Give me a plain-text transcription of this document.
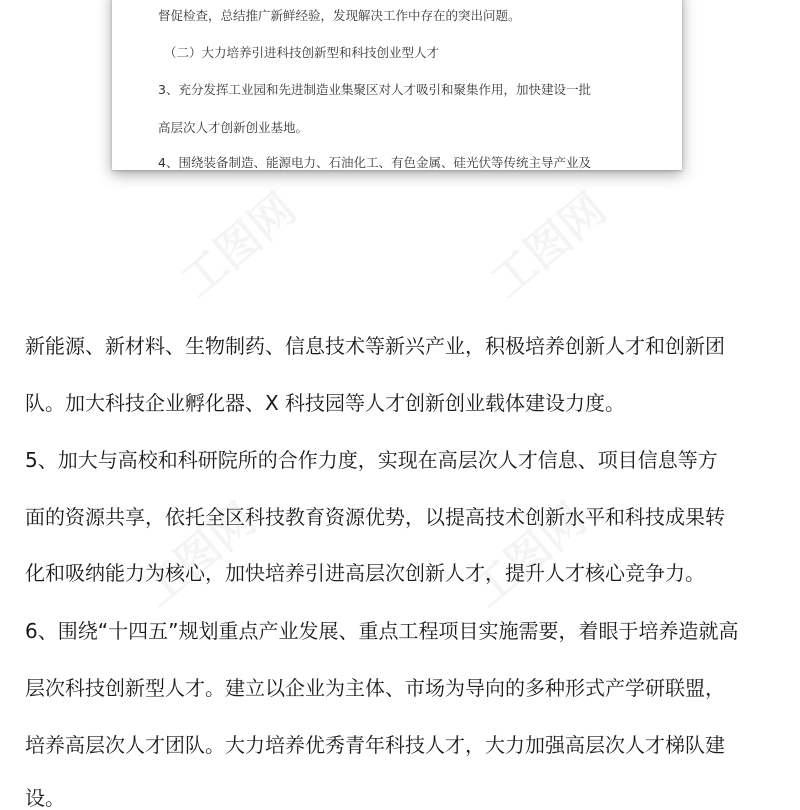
督促检查，总结推广新鲜经验，发现解决工作中存在的突出问题。
（二）大力培养引进科技创新型和科技创业型人才
3、充分发挥工业园和先进制造业集聚区对人才吸引和聚集作用，加快建设一批
高层次人才创新创业基地。
4、围绕装备制造、能源电力、石油化工、有色金属、硅光伏等传统主导产业及
新能源、新材料、生物制药、信息技术等新兴产业，积极培养创新人才和创新团
队。加大科技企业孵化器、X 科技园等人才创新创业载体建设力度。
5、加大与高校和科研院所的合作力度，实现在高层次人才信息、项目信息等方
面的资源共享，依托全区科技教育资源优势，以提高技术创新水平和科技成果转
化和吸纳能力为核心，加快培养引进高层次创新人才，提升人才核心竞争力。
6、围绕“十四五”规划重点产业发展、重点工程项目实施需要，着眼于培养造就高
层次科技创新型人才。建立以企业为主体、市场为导向的多种形式产学研联盟，
培养高层次人才团队。大力培养优秀青年科技人才，大力加强高层次人才梯队建
设。
